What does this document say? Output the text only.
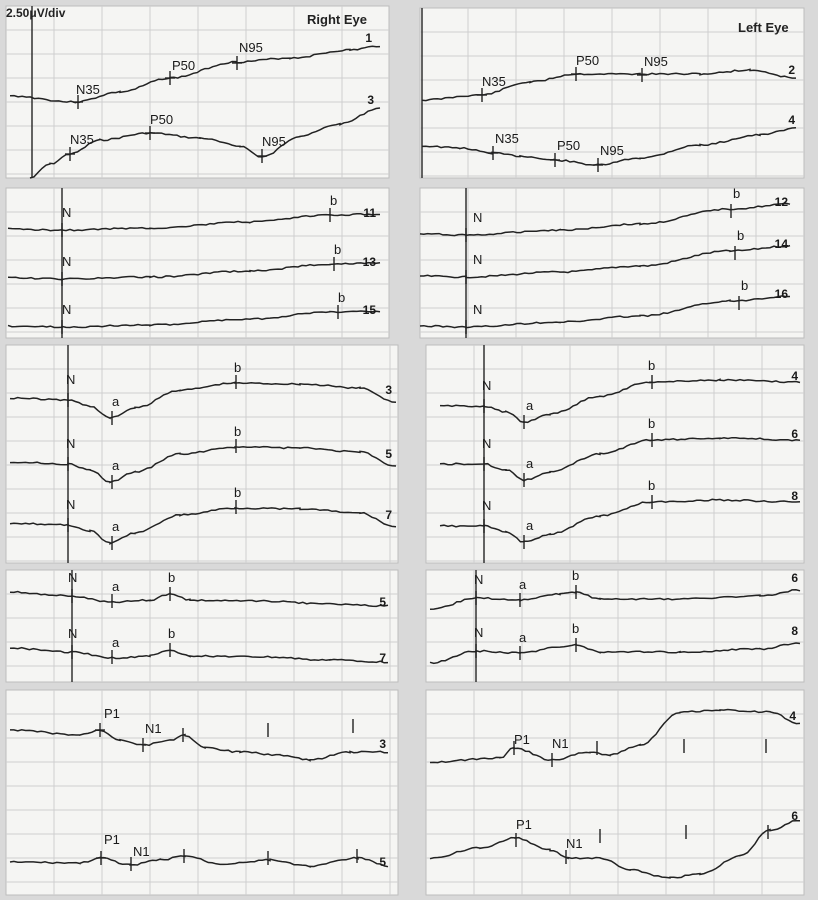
N35
P50
N95
1
N35
P50
N95
3
N35
P50	N95
2
N35	P50 N95
4
N
b
11
N
b
13
N
b
15
N
b
12
N
b
14
N
b
16
N
a
b
3
N
a
b
5
N
a
b
7
N
a
b
4
N
a
b
6
N
a
b
8
N
a
b
5
N
a
b
7
N	a
b	6
N	a
b	8
P1
N1
3
P1
N1
5
P1 N1
4
P1
N1
6
2.50μV/div	Right Eye
Left Eye
